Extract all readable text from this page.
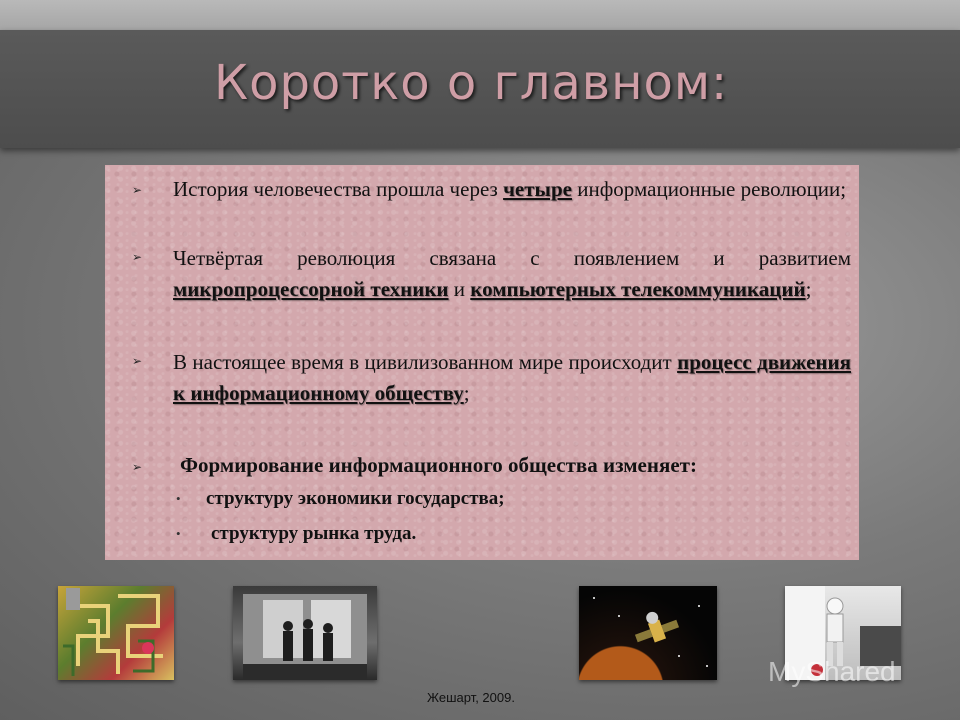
Коротко о главном:
➢ История человечества прошла через четыре информационные революции;
➢ Четвёртая революция связана с появлением и развитием микропроцессорной техники и компьютерных телекоммуникаций;
➢ В настоящее время в цивилизованном мире происходит процесс движения к информационному обществу;
➢ Формирование информационного общества изменяет:
• структуру экономики государства;
• структуру рынка труда.
Жешарт, 2009.
MyShared
